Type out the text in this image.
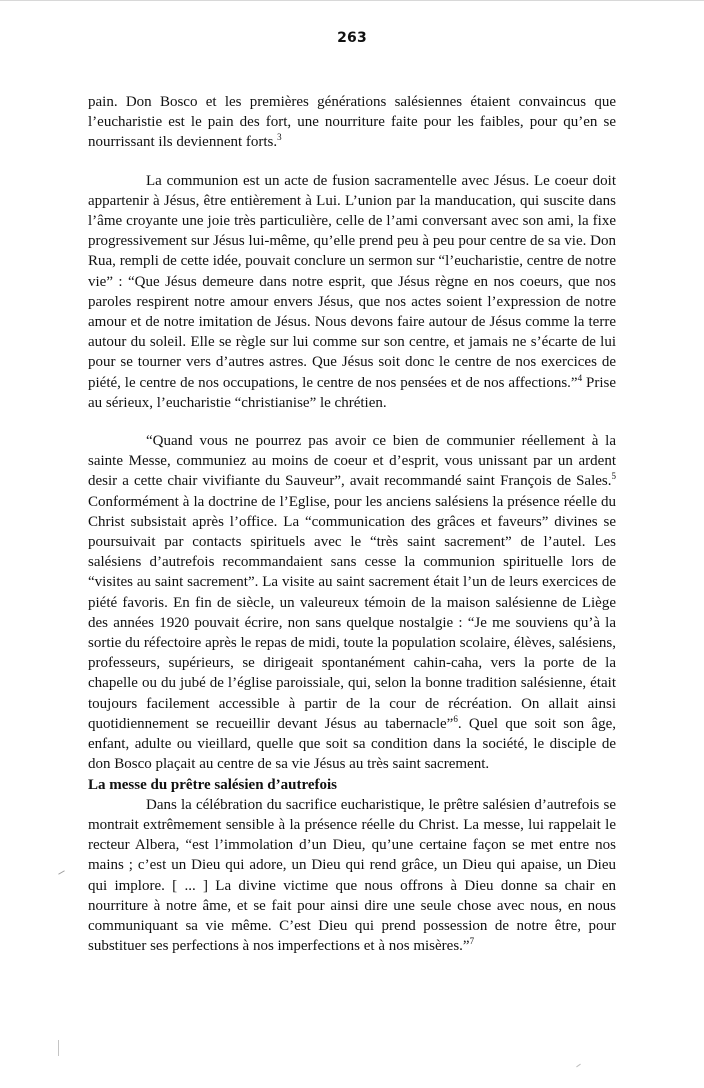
263

pain. Don Bosco et les premières générations salésiennes étaient convaincus que l’eucharistie est le pain des fort, une nourriture faite pour les faibles, pour qu’en se nourrissant ils deviennent forts.$^3$

La communion est un acte de fusion sacramentelle avec Jésus. Le coeur doit appartenir à Jésus, être entièrement à Lui. L’union par la manducation, qui suscite dans l’âme croyante une joie très particulière, celle de l’ami conversant avec son ami, la fixe progressivement sur Jésus lui-même, qu’elle prend peu à peu pour centre de sa vie. Don Rua, rempli de cette idée, pouvait conclure un sermon sur “l’eucharistie, centre de notre vie” : “Que Jésus demeure dans notre esprit, que Jésus règne en nos coeurs, que nos paroles respirent notre amour envers Jésus, que nos actes soient l’expression de notre amour et de notre imitation de Jésus. Nous devons faire autour de Jésus comme la terre autour du soleil. Elle se règle sur lui comme sur son centre, et jamais ne s’écarte de lui pour se tourner vers d’autres astres. Que Jésus soit donc le centre de nos exercices de piété, le centre de nos occupations, le centre de nos pensées et de nos affections.”$^4$ Prise au sérieux, l’eucharistie “christianise” le chrétien.

“Quand vous ne pourrez pas avoir ce bien de communier réellement à la sainte Messe, communiez au moins de coeur et d’esprit, vous unissant par un ardent desir a cette chair vivifiante du Sauveur”, avait recommandé saint François de Sales.$^5$ Conformément à la doctrine de l’Eglise, pour les anciens salésiens la présence réelle du Christ subsistait après l’office. La “communication des grâces et faveurs” divines se poursuivait par contacts spirituels avec le “très saint sacrement” de l’autel. Les salésiens d’autrefois recommandaient sans cesse la communion spirituelle lors de “visites au saint sacrement”. La visite au saint sacrement était l’un de leurs exercices de piété favoris. En fin de siècle, un valeureux témoin de la maison salésienne de Liège des années 1920 pouvait écrire, non sans quelque nostalgie : “Je me souviens qu’à la sortie du réfectoire après le repas de midi, toute la population scolaire, élèves, salésiens, professeurs, supérieurs, se dirigeait spontanément cahin-caha, vers la porte de la chapelle ou du jubé de l’église paroissiale, qui, selon la bonne tradition salésienne, était toujours facilement accessible à partir de la cour de récréation. On allait ainsi quotidiennement se recueillir devant Jésus au tabernacle”$^6$. Quel que soit son âge, enfant, adulte ou vieillard, quelle que soit sa condition dans la société, le disciple de don Bosco plaçait au centre de sa vie Jésus au très saint sacrement.

La messe du prêtre salésien d’autrefois

Dans la célébration du sacrifice eucharistique, le prêtre salésien d’autrefois se montrait extrêmement sensible à la présence réelle du Christ. La messe, lui rappelait le recteur Albera, “est l’immolation d’un Dieu, qu’une certaine façon se met entre nos mains ; c’est un Dieu qui adore, un Dieu qui rend grâce, un Dieu qui apaise, un Dieu qui implore. [ ... ] La divine victime que nous offrons à Dieu donne sa chair en nourriture à notre âme, et se fait pour ainsi dire une seule chose avec nous, en nous communiquant sa vie même. C’est Dieu qui prend possession de notre être, pour substituer ses perfections à nos imperfections et à nos misères.”$^7$
